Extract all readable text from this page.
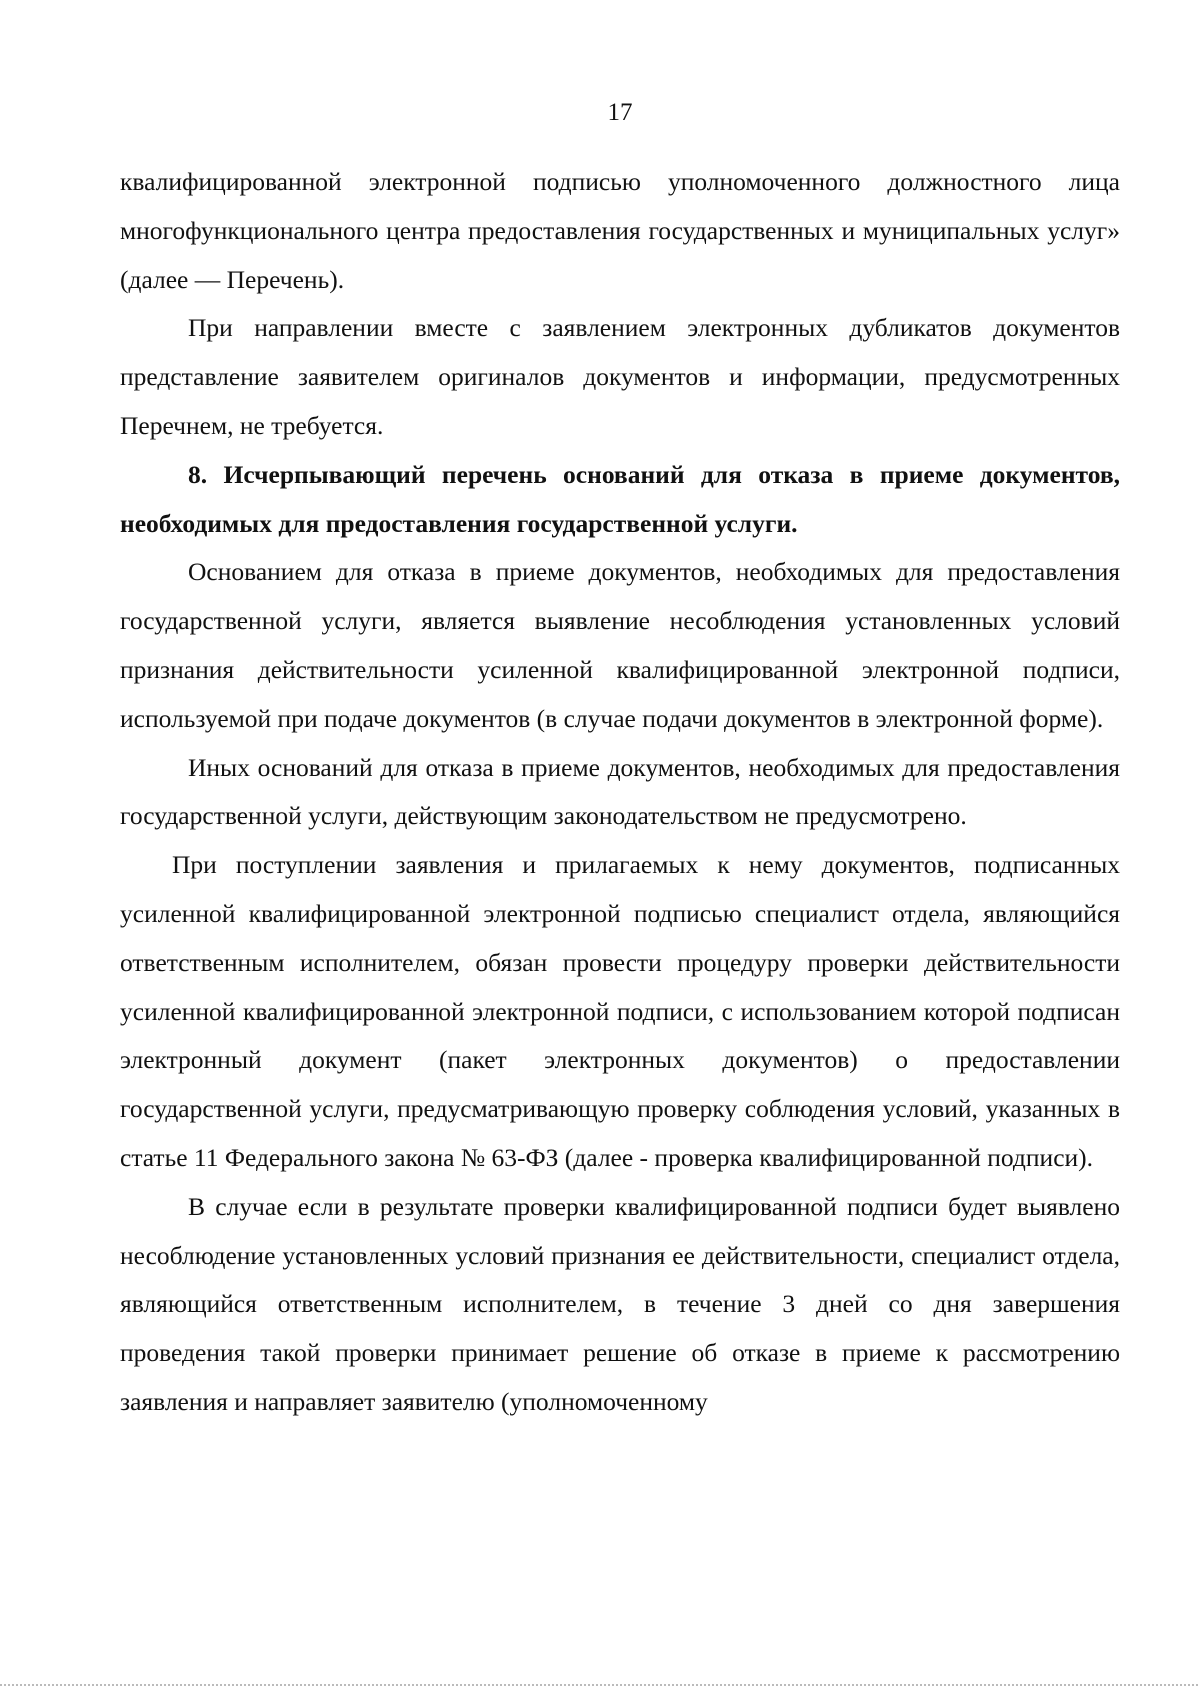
17

квалифицированной электронной подписью уполномоченного должностного лица многофункционального центра предоставления государственных и муниципальных услуг» (далее — Перечень).

При направлении вместе с заявлением электронных дубликатов документов представление заявителем оригиналов документов и информации, предусмотренных Перечнем, не требуется.

8. Исчерпывающий перечень оснований для отказа в приеме документов, необходимых для предоставления государственной услуги.

Основанием для отказа в приеме документов, необходимых для предоставления государственной услуги, является выявление несоблюдения установленных условий признания действительности усиленной квалифицированной электронной подписи, используемой при подаче документов (в случае подачи документов в электронной форме).

Иных оснований для отказа в приеме документов, необходимых для предоставления государственной услуги, действующим законодательством не предусмотрено.

При поступлении заявления и прилагаемых к нему документов, подписанных усиленной квалифицированной электронной подписью специалист отдела, являющийся ответственным исполнителем, обязан провести процедуру проверки действительности усиленной квалифицированной электронной подписи, с использованием которой подписан электронный документ (пакет электронных документов) о предоставлении государственной услуги, предусматривающую проверку соблюдения условий, указанных в статье 11 Федерального закона № 63-ФЗ (далее - проверка квалифицированной подписи).

В случае если в результате проверки квалифицированной подписи будет выявлено несоблюдение установленных условий признания ее действительности, специалист отдела, являющийся ответственным исполнителем, в течение 3 дней со дня завершения проведения такой проверки принимает решение об отказе в приеме к рассмотрению заявления и направляет заявителю (уполномоченному
